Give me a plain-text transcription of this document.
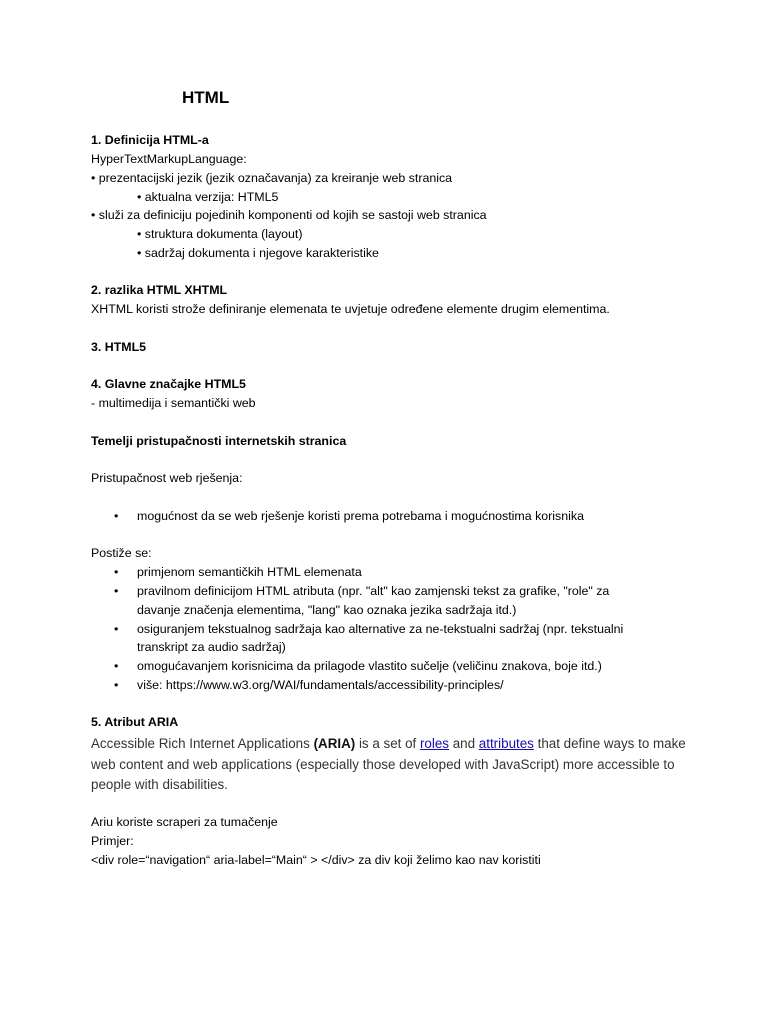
HTML
1. Definicija HTML-a
HyperTextMarkupLanguage:
• prezentacijski jezik (jezik označavanja) za kreiranje web stranica
• aktualna verzija: HTML5
• služi za definiciju pojedinih komponenti od kojih se sastoji web stranica
• struktura dokumenta (layout)
• sadržaj dokumenta i njegove karakteristike
2. razlika HTML XHTML
XHTML koristi strože definiranje elemenata te uvjetuje određene elemente drugim elementima.
3. HTML5
4. Glavne značajke HTML5
- multimedija i semantički web
Temelji pristupačnosti internetskih stranica
Pristupačnost web rješenja:
• mogućnost da se web rješenje koristi prema potrebama i mogućnostima korisnika
Postiže se:
• primjenom semantičkih HTML elemenata
• pravilnom definicijom HTML atributa (npr. "alt" kao zamjenski tekst za grafike, "role" za
davanje značenja elementima, "lang" kao oznaka jezika sadržaja itd.)
• osiguranjem tekstualnog sadržaja kao alternative za ne-tekstualni sadržaj (npr. tekstualni
transkript za audio sadržaj)
• omogućavanjem korisnicima da prilagode vlastito sučelje (veličinu znakova, boje itd.)
• više: https://www.w3.org/WAI/fundamentals/accessibility-principles/
5. Atribut ARIA
Accessible Rich Internet Applications (ARIA) is a set of roles and attributes that define ways to make web content and web applications (especially those developed with JavaScript) more accessible to people with disabilities.
Ariu koriste scraperi za tumačenje
Primjer:
<div role=“navigation“ aria-label=“Main“ > </div> za div koji želimo kao nav koristiti
